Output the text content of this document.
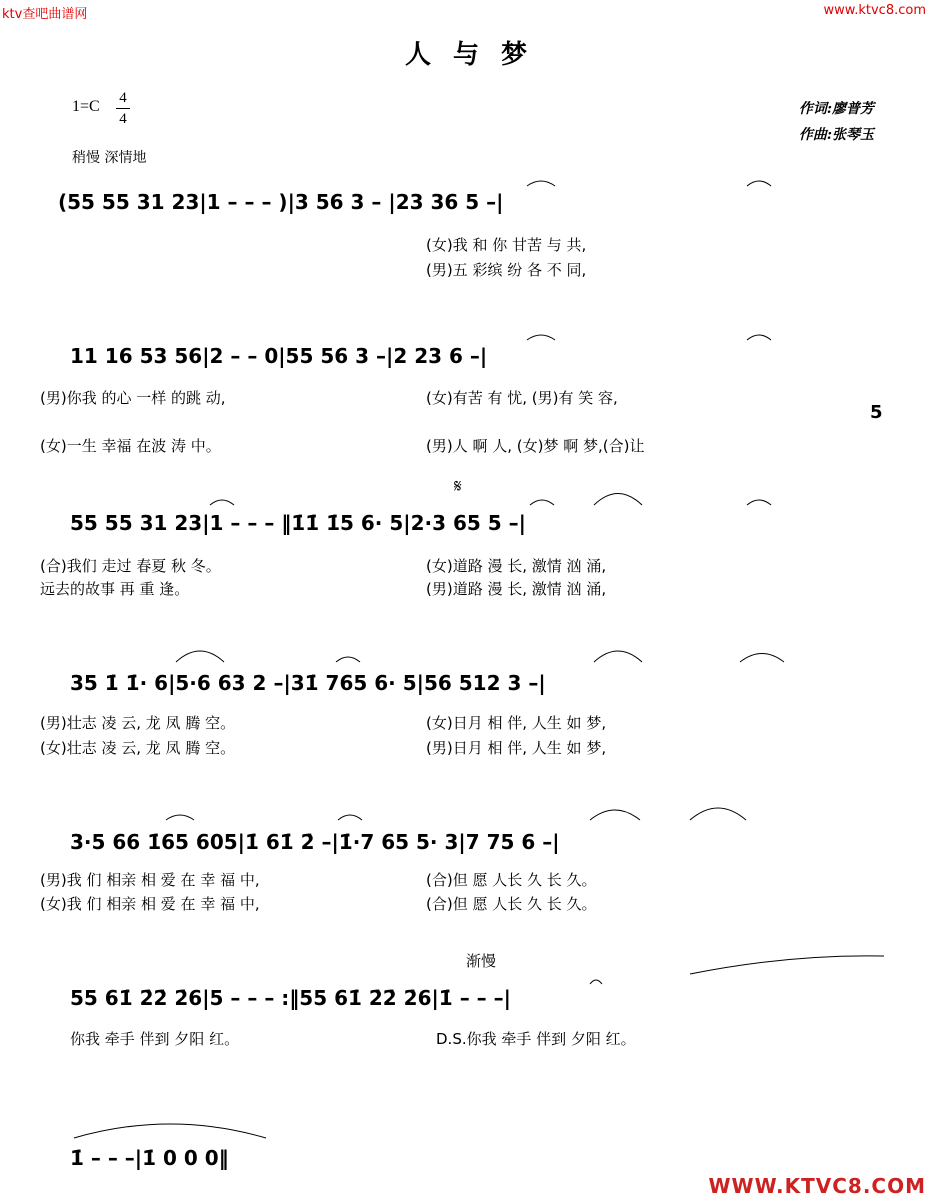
ktv查吧曲谱网	www.ktvc8.com
人与梦
1=C 4
4
稍慢 深情地
作词:廖普芳
作曲:张琴玉
(55 55 31 23|1 – – – )|3 56 3 – |23 36 5 –|
(女)我 和 你 甘苦 与 共,
(男)五 彩缤 纷 各 不 同,
11 16 53 56|2 – – 0|55 56 3 –|2 23 6 –|
(男)你我 的心 一样 的跳 动,
(女)一生 幸福 在波 涛 中。
(女)有苦 有 忧, (男)有 笑 容,
(男)人 啊 人, (女)梦 啊 梦,(合)让
5
𝄋
55 55 31 23|1 – – – ‖1̇1̇ 1̇5 6· 5|2·3 65 5 –|
(合)我们 走过 春夏 秋 冬。
远去的故事 再 重 逢。
(女)道路 漫 长, 激情 汹 涌,
(男)道路 漫 长, 激情 汹 涌,
35 1̇ 1̇· 6|5·6 63 2 –|31̇ 765 6· 5|56 512 3 –|
(男)壮志 凌 云, 龙 凤 腾 空。
(女)壮志 凌 云, 龙 凤 腾 空。
(女)日月 相 伴, 人生 如 梦,
(男)日月 相 伴, 人生 如 梦,
3·5 66 1̇65 605|1̇ 61̇ 2̇ –|1̇·7 65 5· 3|7 75 6 –|
(男)我 们 相亲 相 爱 在 幸 福 中,
(女)我 们 相亲 相 爱 在 幸 福 中,
(合)但 愿 人长 久 长 久。
(合)但 愿 人长 久 长 久。
渐慢
55 61̇ 2̇2̇ 2̇6|5 – – – :‖55 61̇ 2̇2̇ 2̇6|1̇ – – –|
你我 牵手 伴到 夕阳 红。	D.S.你我 牵手 伴到 夕阳 红。
1̇ – – –|1̇ 0 0 0‖
WWW.KTVC8.COM
